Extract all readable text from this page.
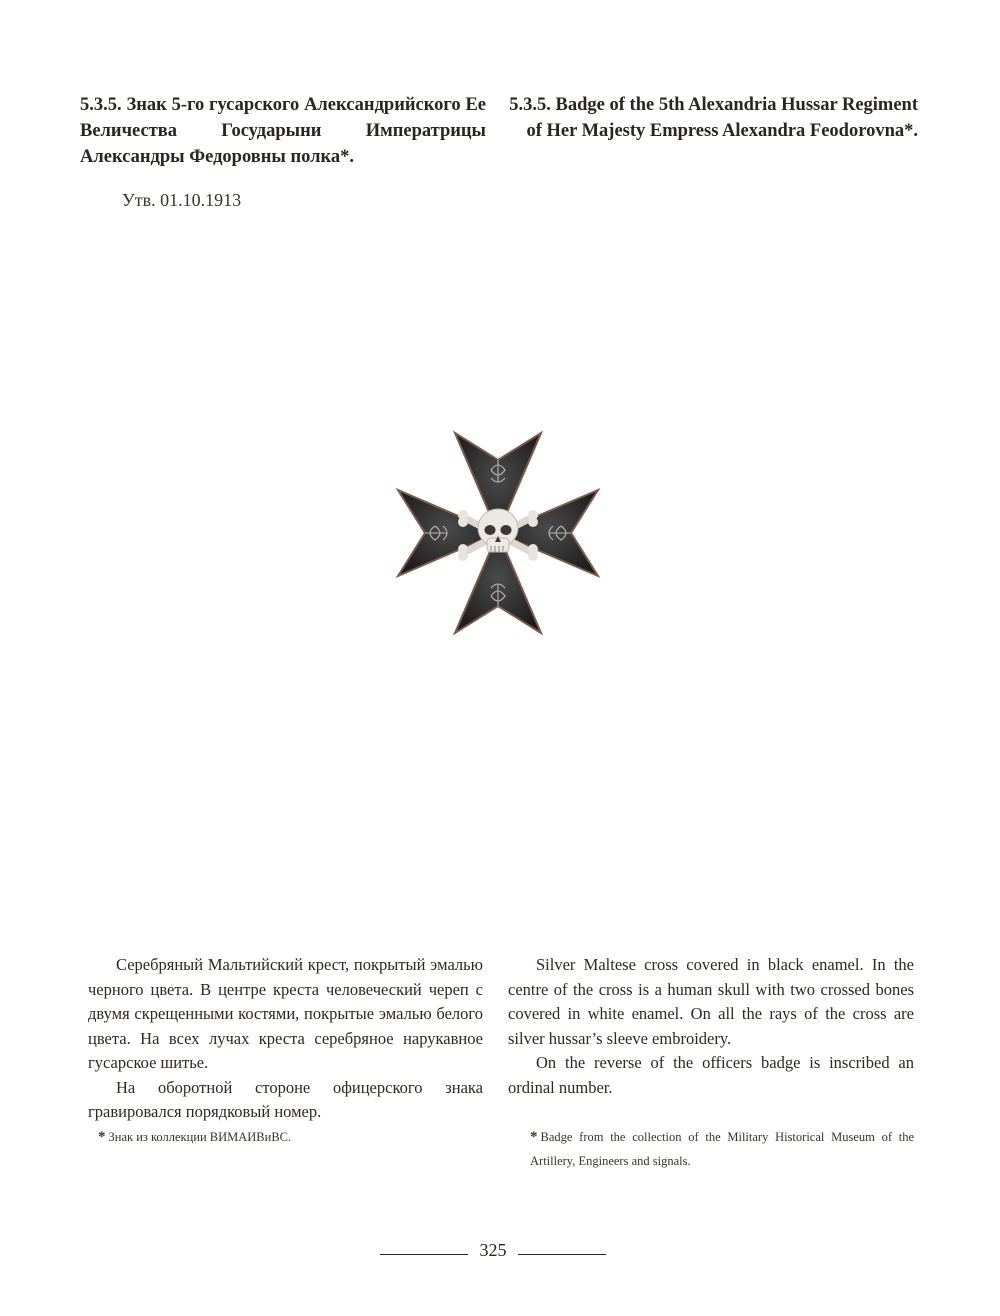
5.3.5. Знак 5-го гусарского Александрийского Ее Величества Государыни Императрицы Александры Федоровны полка*.

5.3.5. Badge of the 5th Alexandria Hussar Regiment of Her Majesty Empress Alexandra Feodorovna*.

Утв. 01.10.1913

Серебряный Мальтийский крест, покрытый эмалью черного цвета. В центре креста человеческий череп с двумя скрещенными костями, покрытые эмалью белого цвета. На всех лучах креста серебряное нарукавное гусарское шитье.

На оборотной стороне офицерского знака гравировался порядковый номер.

Silver Maltese cross covered in black enamel. In the centre of the cross is a human skull with two crossed bones covered in white enamel. On all the rays of the cross are silver hussar’s sleeve embroidery.

On the reverse of the officers badge is inscribed an ordinal number.

* Знак из коллекции ВИМАИВиВС.	* Badge from the collection of the Military Historical Museum of the Artillery, Engineers and signals.
325
